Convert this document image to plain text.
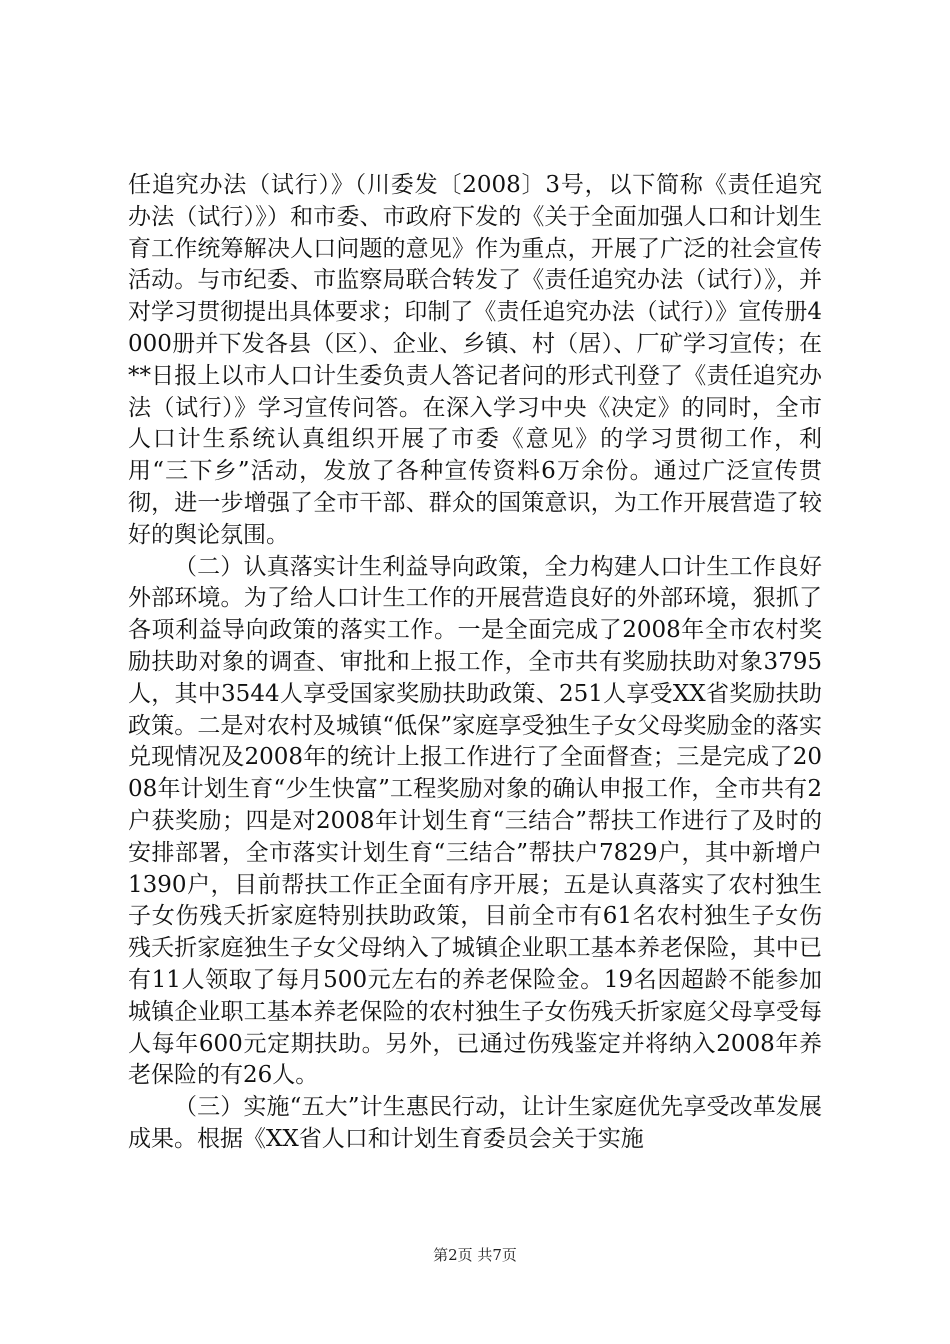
任追究办法（试行）》（川委发〔2008〕3号，以下简称《责任追究办法（试行）》）和市委、市政府下发的《关于全面加强人口和计划生育工作统筹解决人口问题的意见》作为重点，开展了广泛的社会宣传活动。与市纪委、市监察局联合转发了《责任追究办法（试行）》，并对学习贯彻提出具体要求；印制了《责任追究办法（试行）》宣传册4000册并下发各县（区）、企业、乡镇、村（居）、厂矿学习宣传；在**日报上以市人口计生委负责人答记者问的形式刊登了《责任追究办法（试行）》学习宣传问答。在深入学习中央《决定》的同时，全市人口计生系统认真组织开展了市委《意见》的学习贯彻工作，利用“三下乡”活动，发放了各种宣传资料6万余份。通过广泛宣传贯彻，进一步增强了全市干部、群众的国策意识，为工作开展营造了较好的舆论氛围。

（二）认真落实计生利益导向政策，全力构建人口计生工作良好外部环境。为了给人口计生工作的开展营造良好的外部环境，狠抓了各项利益导向政策的落实工作。一是全面完成了2008年全市农村奖励扶助对象的调查、审批和上报工作，全市共有奖励扶助对象3795人，其中3544人享受国家奖励扶助政策、251人享受XX省奖励扶助政策。二是对农村及城镇“低保”家庭享受独生子女父母奖励金的落实兑现情况及2008年的统计上报工作进行了全面督查；三是完成了2008年计划生育“少生快富”工程奖励对象的确认申报工作，全市共有2户获奖励；四是对2008年计划生育“三结合”帮扶工作进行了及时的安排部署，全市落实计划生育“三结合”帮扶户7829户，其中新增户1390户，目前帮扶工作正全面有序开展；五是认真落实了农村独生子女伤残夭折家庭特别扶助政策，目前全市有61名农村独生子女伤残夭折家庭独生子女父母纳入了城镇企业职工基本养老保险，其中已有11人领取了每月500元左右的养老保险金。19名因超龄不能参加城镇企业职工基本养老保险的农村独生子女伤残夭折家庭父母享受每人每年600元定期扶助。另外，已通过伤残鉴定并将纳入2008年养老保险的有26人。

（三）实施“五大”计生惠民行动，让计生家庭优先享受改革发展成果。根据《XX省人口和计划生育委员会关于实施

第2页 共7页
